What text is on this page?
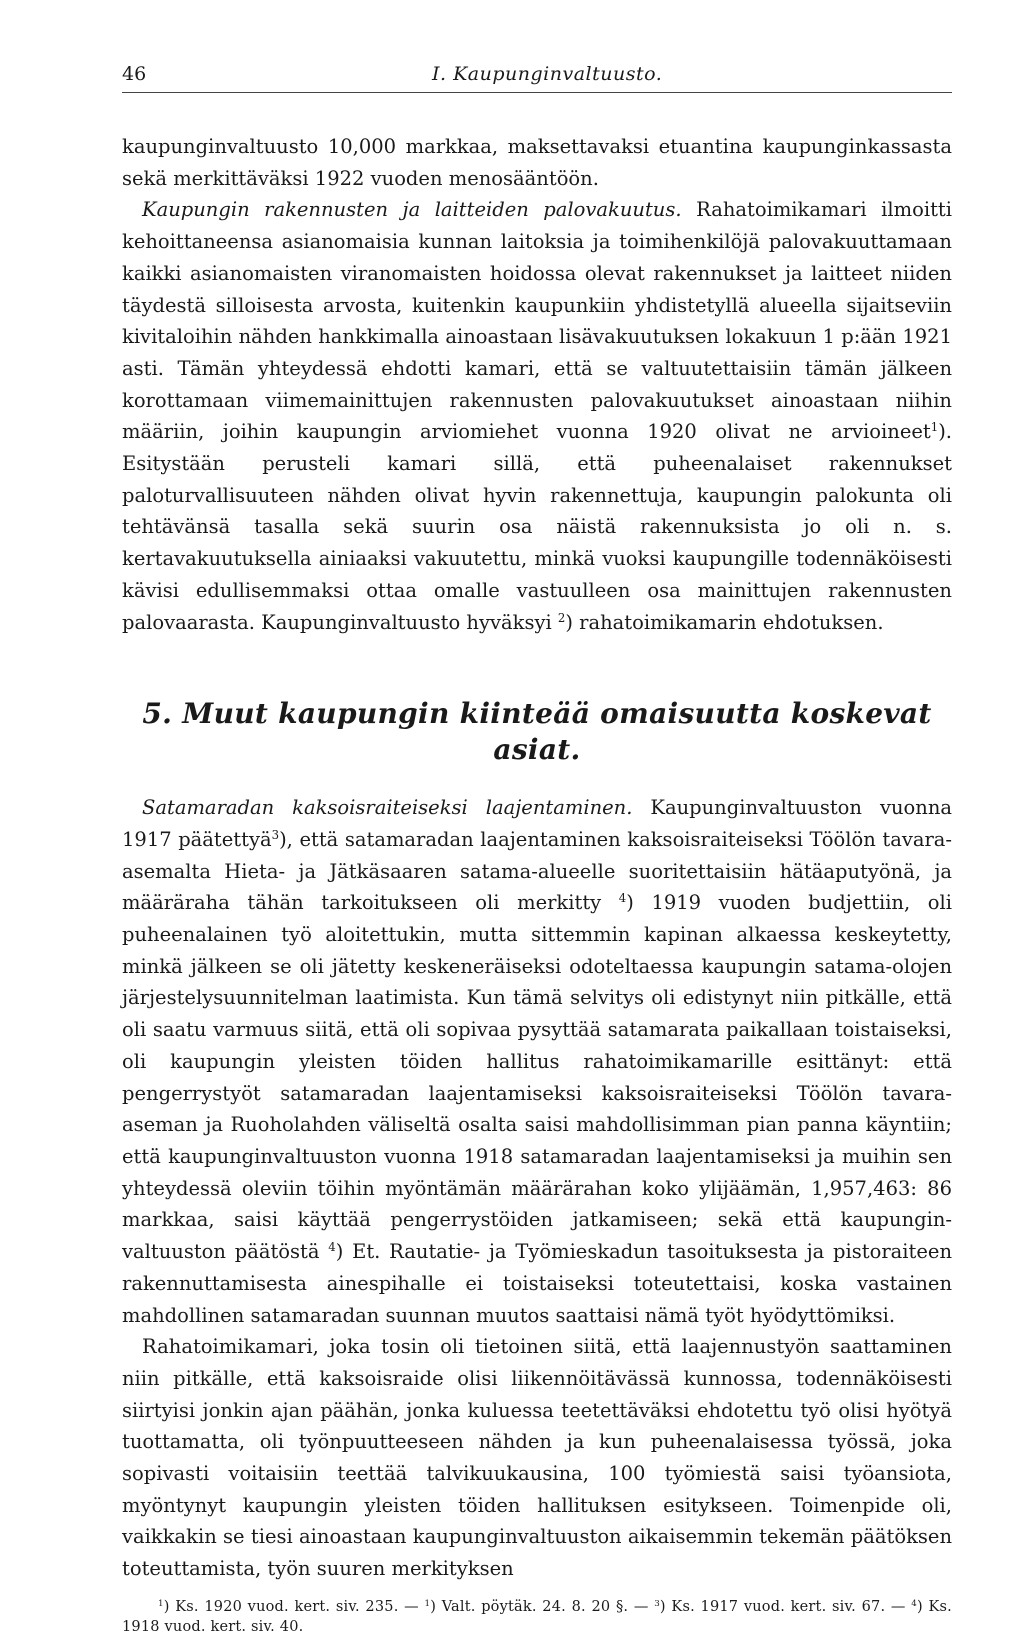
46	I. Kaupunginvaltuusto.

kaupunginvaltuusto 10,000 markkaa, maksettavaksi etuantina kaupunginkassasta sekä merkittäväksi 1922 vuoden menosääntöön.

Kaupungin rakennusten ja laitteiden palovakuutus. Rahatoimikamari ilmoitti kehoittaneensa asianomaisia kunnan laitoksia ja toimihenkilöjä palovakuuttamaan kaikki asianomaisten viranomaisten hoidossa olevat rakennukset ja laitteet niiden täydestä silloisesta arvosta, kuitenkin kaupunkiin yhdistetyllä alueella sijaitseviin kivitaloihin nähden hankkimalla ainoastaan lisävakuutuksen lokakuun 1 p:ään 1921 asti. Tämän yhteydessä ehdotti kamari, että se valtuutettaisiin tämän jälkeen korottamaan viimemainittujen rakennusten palovakuutukset ainoastaan niihin määriin, joihin kaupungin arviomiehet vuonna 1920 olivat ne arvioineet$^1$). Esitystään perusteli kamari sillä, että puheenalaiset rakennukset paloturvallisuuteen nähden olivat hyvin rakennettuja, kaupungin palokunta oli tehtävänsä tasalla sekä suurin osa näistä rakennuksista jo oli n. s. kertavakuutuksella ainiaaksi vakuutettu, minkä vuoksi kaupungille todennäköisesti kävisi edullisemmaksi ottaa omalle vastuulleen osa mainittujen rakennusten palovaarasta. Kaupunginvaltuusto hyväksyi $^2$) rahatoimikamarin ehdotuksen.

5. Muut kaupungin kiinteää omaisuutta koskevat asiat.

Satamaradan kaksoisraiteiseksi laajentaminen. Kaupunginvaltuuston vuonna 1917 päätettyä$^3$), että satamaradan laajentaminen kaksoisraiteiseksi Töölön tavara-asemalta Hieta- ja Jätkäsaaren satama-alueelle suoritettaisiin hätäaputyönä, ja määräraha tähän tarkoitukseen oli merkitty $^4$) 1919 vuoden budjettiin, oli puheenalainen työ aloitettukin, mutta sittemmin kapinan alkaessa keskeytetty, minkä jälkeen se oli jätetty keskeneräiseksi odoteltaessa kaupungin satama-olojen järjestelysuunnitelman laatimista. Kun tämä selvitys oli edistynyt niin pitkälle, että oli saatu varmuus siitä, että oli sopivaa pysyttää satamarata paikallaan toistaiseksi, oli kaupungin yleisten töiden hallitus rahatoimikamarille esittänyt: että pengerrystyöt satamaradan laajentamiseksi kaksoisraiteiseksi Töölön tavara-aseman ja Ruoholahden väliseltä osalta saisi mahdollisimman pian panna käyntiin; että kaupunginvaltuuston vuonna 1918 satamaradan laajentamiseksi ja muihin sen yhteydessä oleviin töihin myöntämän määrärahan koko ylijäämän, 1,957,463: 86 markkaa, saisi käyttää pengerrystöiden jatkamiseen; sekä että kaupunginvaltuuston päätöstä $^4$) Et. Rautatie- ja Työmieskadun tasoituksesta ja pistoraiteen rakennuttamisesta ainespihalle ei toistaiseksi toteutettaisi, koska vastainen mahdollinen satamaradan suunnan muutos saattaisi nämä työt hyödyttömiksi.

Rahatoimikamari, joka tosin oli tietoinen siitä, että laajennustyön saattaminen niin pitkälle, että kaksoisraide olisi liikennöitävässä kunnossa, todennäköisesti siirtyisi jonkin ajan päähän, jonka kuluessa teetettäväksi ehdotettu työ olisi hyötyä tuottamatta, oli työnpuutteeseen nähden ja kun puheenalaisessa työssä, joka sopivasti voitaisiin teettää talvikuukausina, 100 työmiestä saisi työansiota, myöntynyt kaupungin yleisten töiden hallituksen esitykseen. Toimenpide oli, vaikkakin se tiesi ainoastaan kaupunginvaltuuston aikaisemmin tekemän päätöksen toteuttamista, työn suuren merkityksen

$^1$) Ks. 1920 vuod. kert. siv. 235. — $^1$) Valt. pöytäk. 24. 8. 20 §. — $^3$) Ks. 1917 vuod. kert. siv. 67. — $^4$) Ks. 1918 vuod. kert. siv. 40.
